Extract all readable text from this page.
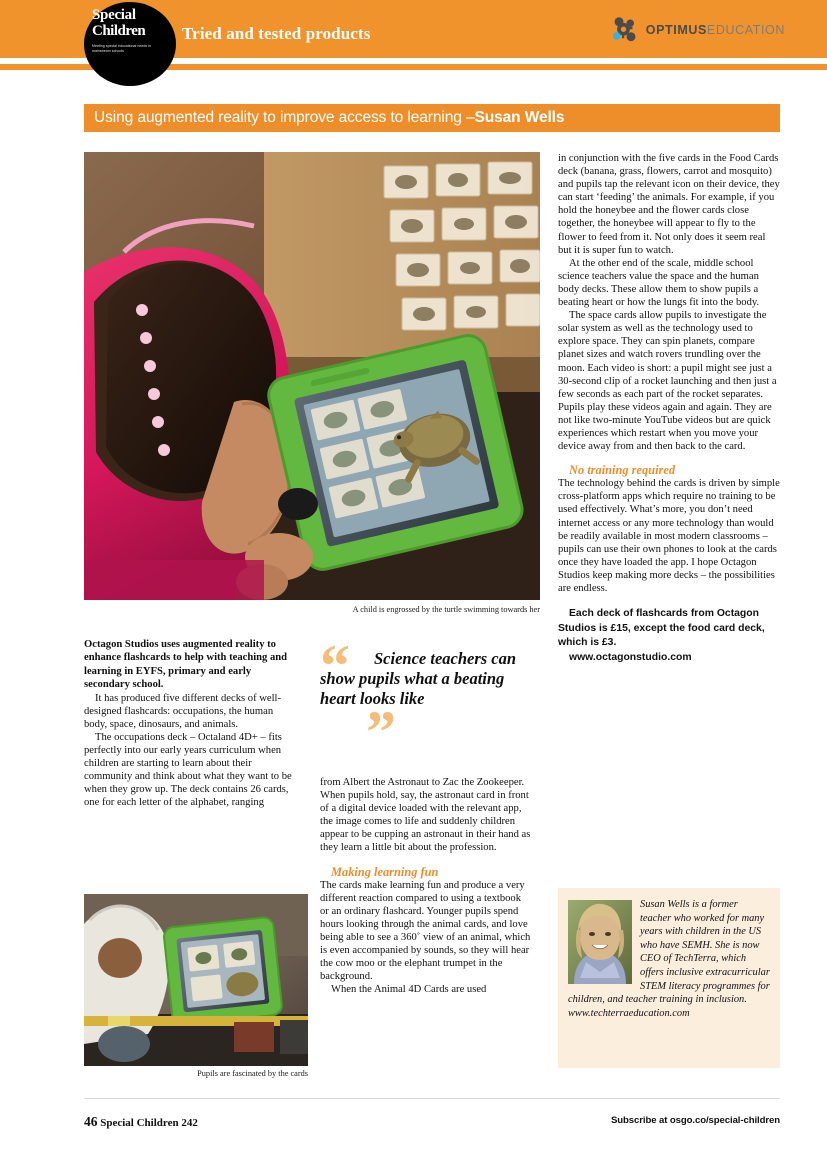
Special
Children
Meeting special educational needs in mainstream schools
Tried and tested products	OPTIMUSEDUCATION
Using augmented reality to improve access to learning – Susan Wells
A child is engrossed by the turtle swimming towards her

Octagon Studios uses augmented reality to enhance flashcards to help with teaching and learning in EYFS, primary and early secondary school.

It has produced five different decks of well-designed flashcards: occupations, the human body, space, dinosaurs, and animals.

The occupations deck – Octaland 4D+ – fits perfectly into our early years curriculum when children are starting to learn about their community and think about what they want to be when they grow up. The deck contains 26 cards, one for each letter of the alphabet, ranging

“
”
Science teachers can show pupils what a beating heart looks like

from Albert the Astronaut to Zac the Zookeeper. When pupils hold, say, the astronaut card in front of a digital device loaded with the relevant app, the image comes to life and suddenly children appear to be cupping an astronaut in their hand as they learn a little bit about the profession.

Making learning fun

The cards make learning fun and produce a very different reaction compared to using a textbook or an ordinary flashcard. Younger pupils spend hours looking through the animal cards, and love being able to see a 360˚ view of an animal, which is even accompanied by sounds, so they will hear the cow moo or the elephant trumpet in the background.

When the Animal 4D Cards are used

in conjunction with the five cards in the Food Cards deck (banana, grass, flowers, carrot and mosquito) and pupils tap the relevant icon on their device, they can start ‘feeding’ the animals. For example, if you hold the honeybee and the flower cards close together, the honeybee will appear to fly to the flower to feed from it. Not only does it seem real but it is super fun to watch.

At the other end of the scale, middle school science teachers value the space and the human body decks. These allow them to show pupils a beating heart or how the lungs fit into the body.

The space cards allow pupils to investigate the solar system as well as the technology used to explore space. They can spin planets, compare planet sizes and watch rovers trundling over the moon. Each video is short: a pupil might see just a 30-second clip of a rocket launching and then just a few seconds as each part of the rocket separates. Pupils play these videos again and again. They are not like two-minute YouTube videos but are quick experiences which restart when you move your device away from and then back to the card.

No training required

The technology behind the cards is driven by simple cross-platform apps which require no training to be used effectively. What’s more, you don’t need internet access or any more technology than would be readily available in most modern classrooms – pupils can use their own phones to look at the cards once they have loaded the app. I hope Octagon Studios keep making more decks – the possibilities are endless.

Each deck of flashcards from Octagon Studios is £15, except the food card deck, which is £3.

www.octagonstudio.com

Pupils are fascinated by the cards
Susan Wells is a former teacher who worked for many years with children in the US who have SEMH. She is now CEO of TechTerra, which offers inclusive extracurricular STEM literacy programmes for children, and teacher training in inclusion.
www.techterraeducation.com
46 Special Children 242	Subscribe at osgo.co/special-children
